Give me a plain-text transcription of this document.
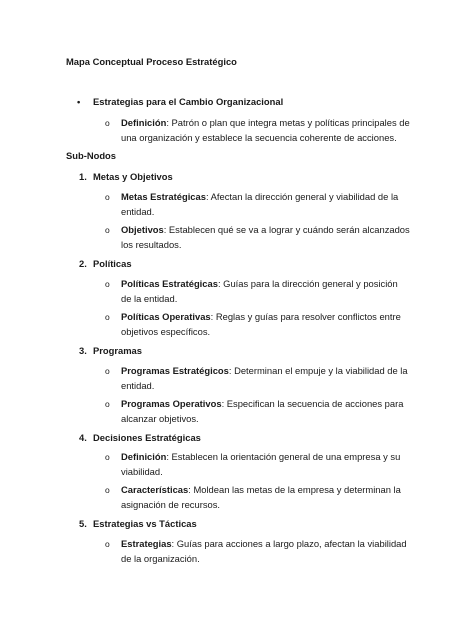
Mapa Conceptual Proceso Estratégico
• Estrategias para el Cambio Organizacional
o Definición: Patrón o plan que integra metas y políticas principales de una organización y establece la secuencia coherente de acciones.
Sub-Nodos
1. Metas y Objetivos
o Metas Estratégicas: Afectan la dirección general y viabilidad de la entidad.
o Objetivos: Establecen qué se va a lograr y cuándo serán alcanzados los resultados.
2. Políticas
o Políticas Estratégicas: Guías para la dirección general y posición de la entidad.
o Políticas Operativas: Reglas y guías para resolver conflictos entre objetivos específicos.
3. Programas
o Programas Estratégicos: Determinan el empuje y la viabilidad de la entidad.
o Programas Operativos: Especifican la secuencia de acciones para alcanzar objetivos.
4. Decisiones Estratégicas
o Definición: Establecen la orientación general de una empresa y su viabilidad.
o Características: Moldean las metas de la empresa y determinan la asignación de recursos.
5. Estrategias vs Tácticas
o Estrategias: Guías para acciones a largo plazo, afectan la viabilidad de la organización.
